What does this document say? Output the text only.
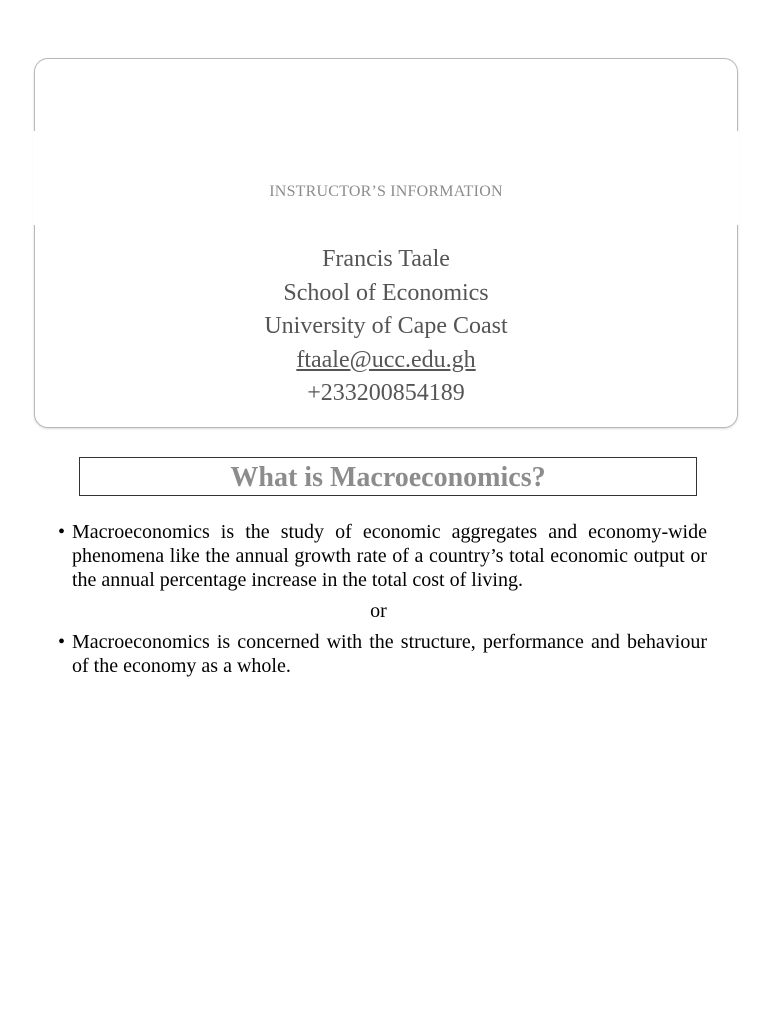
INSTRUCTOR’S INFORMATION
Francis Taale
School of Economics
University of Cape Coast
ftaale@ucc.edu.gh
+233200854189
What is Macroeconomics?
• Macroeconomics is the study of economic aggregates and economy-wide phenomena like the annual growth rate of a country’s total economic output or the annual percentage increase in the total cost of living.
or
• Macroeconomics is concerned with the structure, performance and behaviour of the economy as a whole.
